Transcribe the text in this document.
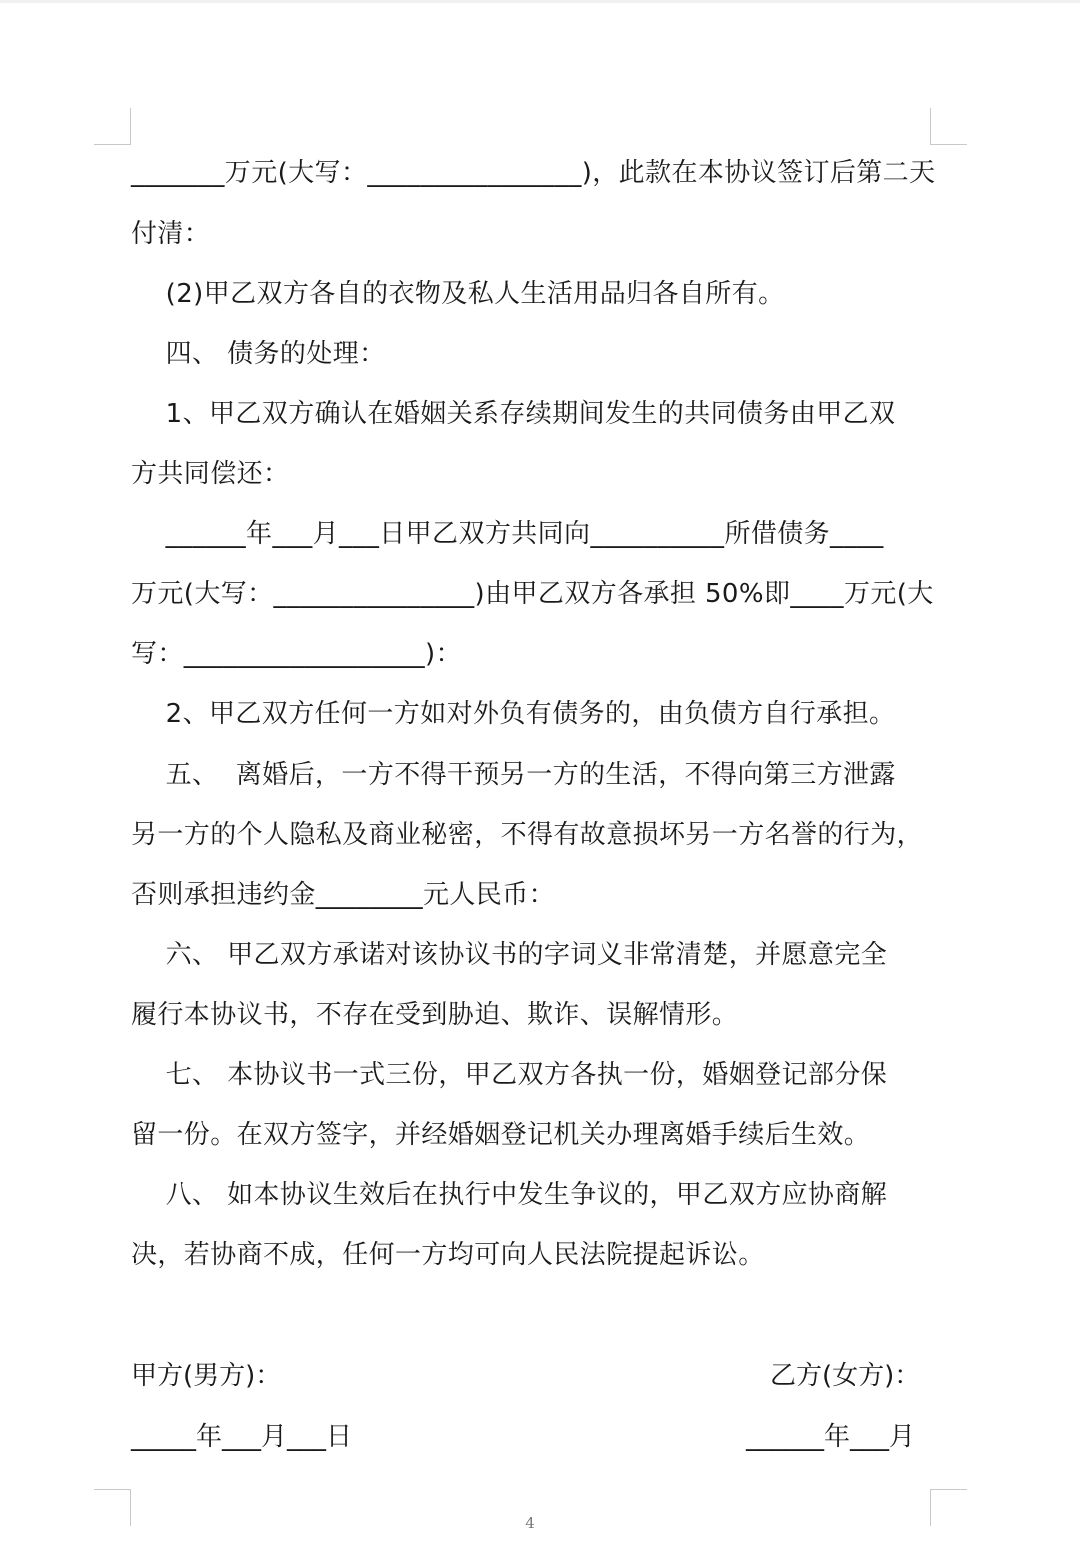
_______万元(大写：________________)，此款在本协议签订后第二天
付清：
(2)甲乙双方各自的衣物及私人生活用品归各自所有。
四、 债务的处理：
1、甲乙双方确认在婚姻关系存续期间发生的共同债务由甲乙双
方共同偿还：
______年___月___日甲乙双方共同向__________所借债务____
万元(大写：_______________)由甲乙双方各承担 50%即____万元(大
写：__________________)：
2、甲乙双方任何一方如对外负有债务的，由负债方自行承担。
五、  离婚后，一方不得干预另一方的生活，不得向第三方泄露
另一方的个人隐私及商业秘密，不得有故意损坏另一方名誉的行为，
否则承担违约金________元人民币：
六、 甲乙双方承诺对该协议书的字词义非常清楚，并愿意完全
履行本协议书，不存在受到胁迫、欺诈、误解情形。
七、 本协议书一式三份，甲乙双方各执一份，婚姻登记部分保
留一份。在双方签字，并经婚姻登记机关办理离婚手续后生效。
八、 如本协议生效后在执行中发生争议的，甲乙双方应协商解
决，若协商不成，任何一方均可向人民法院提起诉讼。
甲方(男方)：	乙方(女方)：
_____年___月___日	______年___月
4
